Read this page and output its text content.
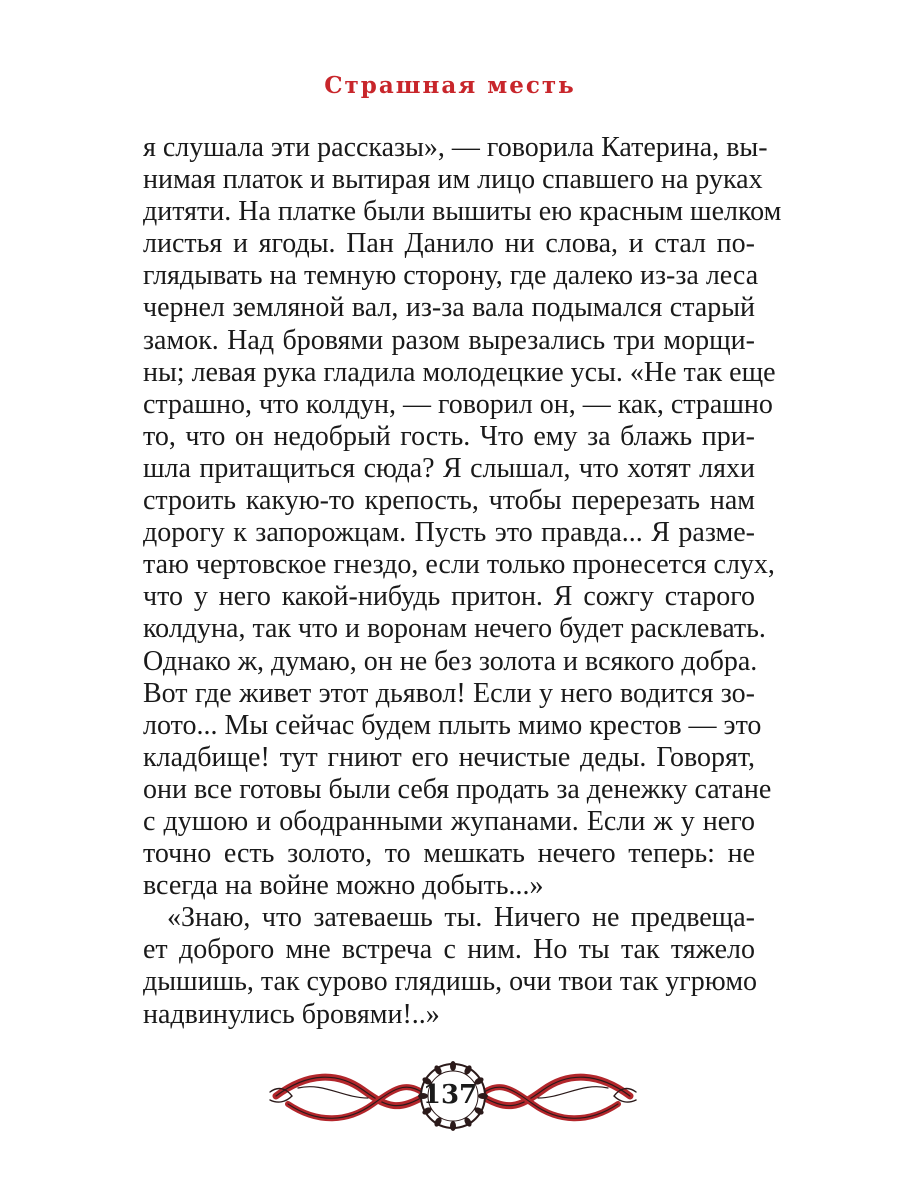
Страшная месть
я слушала эти рассказы», — говорила Катерина, вы-
нимая платок и вытирая им лицо спавшего на руках
дитяти. На платке были вышиты ею красным шелком
листья и ягоды. Пан Данило ни слова, и стал по-
глядывать на темную сторону, где далеко из-за леса
чернел земляной вал, из-за вала подымался старый
замок. Над бровями разом вырезались три морщи-
ны; левая рука гладила молодецкие усы. «Не так еще
страшно, что колдун, — говорил он, — как, страшно
то, что он недобрый гость. Что ему за блажь при-
шла притащиться сюда? Я слышал, что хотят ляхи
строить какую-то крепость, чтобы перерезать нам
дорогу к запорожцам. Пусть это правда... Я разме-
таю чертовское гнездо, если только пронесется слух,
что у него какой-нибудь притон. Я сожгу старого
колдуна, так что и воронам нечего будет расклевать.
Однако ж, думаю, он не без золота и всякого добра.
Вот где живет этот дьявол! Если у него водится зо-
лото... Мы сейчас будем плыть мимо крестов — это
кладбище! тут гниют его нечистые деды. Говорят,
они все готовы были себя продать за денежку сатане
с душою и ободранными жупанами. Если ж у него
точно есть золото, то мешкать нечего теперь: не
всегда на войне можно добыть...»
«Знаю, что затеваешь ты. Ничего не предвеща-
ет доброго мне встреча с ним. Но ты так тяжело
дышишь, так сурово глядишь, очи твои так угрюмо
надвинулись бровями!..»
137
